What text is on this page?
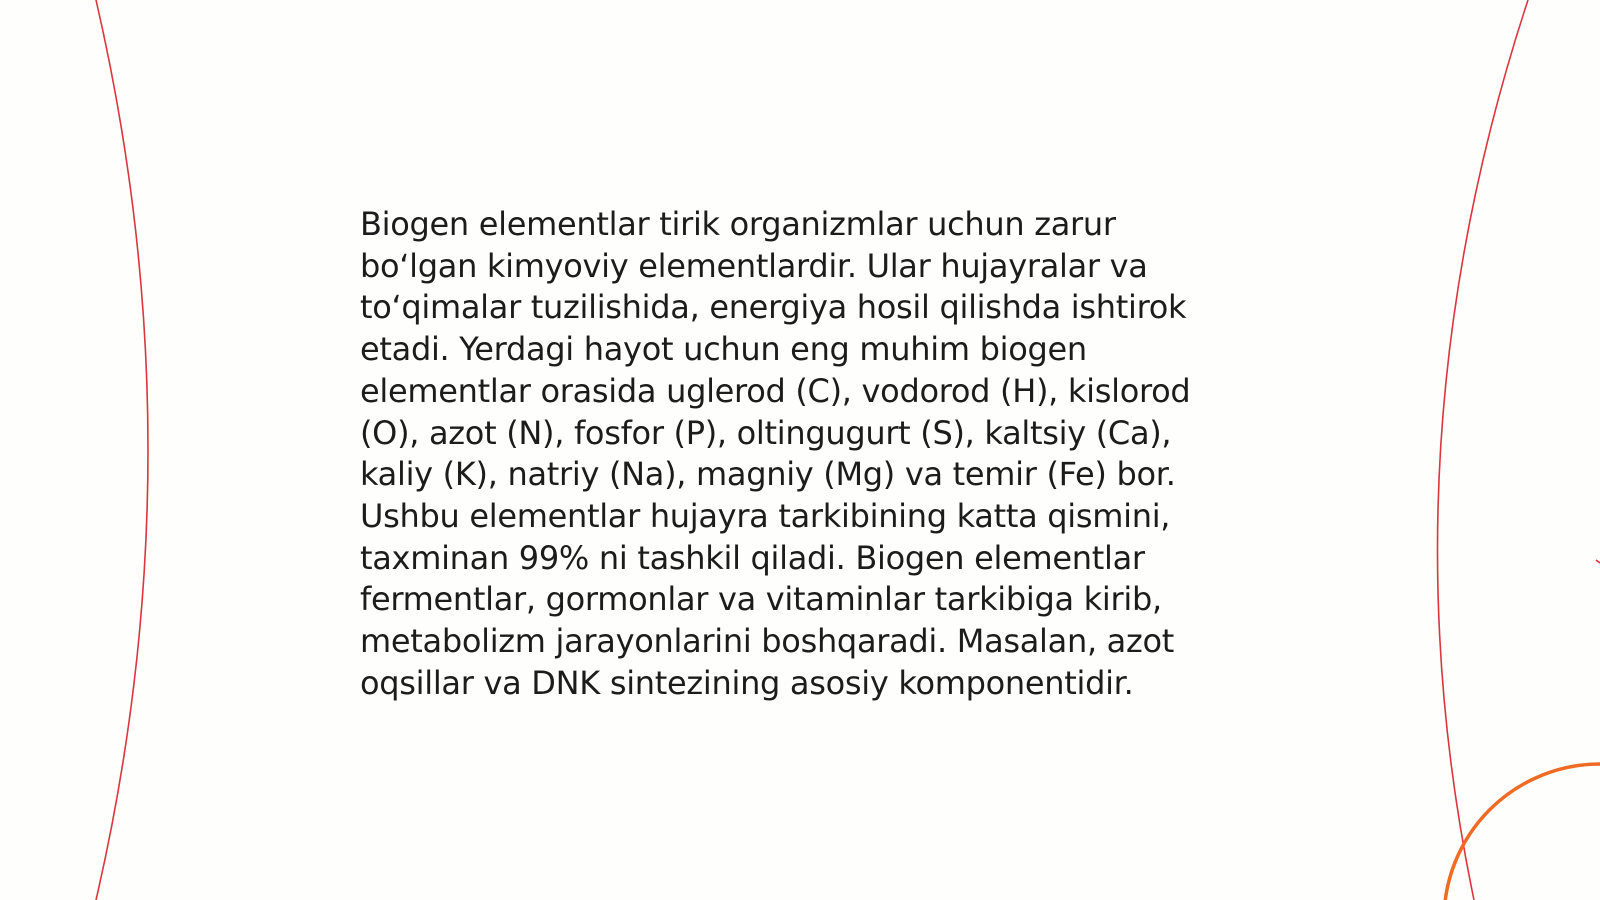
Biogen elementlar tirik organizmlar uchun zarur
bo‘lgan kimyoviy elementlardir. Ular hujayralar va
to‘qimalar tuzilishida, energiya hosil qilishda ishtirok
etadi. Yerdagi hayot uchun eng muhim biogen
elementlar orasida uglerod (C), vodorod (H), kislorod
(O), azot (N), fosfor (P), oltingugurt (S), kaltsiy (Ca),
kaliy (K), natriy (Na), magniy (Mg) va temir (Fe) bor.
Ushbu elementlar hujayra tarkibining katta qismini,
taxminan 99% ni tashkil qiladi. Biogen elementlar
fermentlar, gormonlar va vitaminlar tarkibiga kirib,
metabolizm jarayonlarini boshqaradi. Masalan, azot
oqsillar va DNK sintezining asosiy komponentidir.
